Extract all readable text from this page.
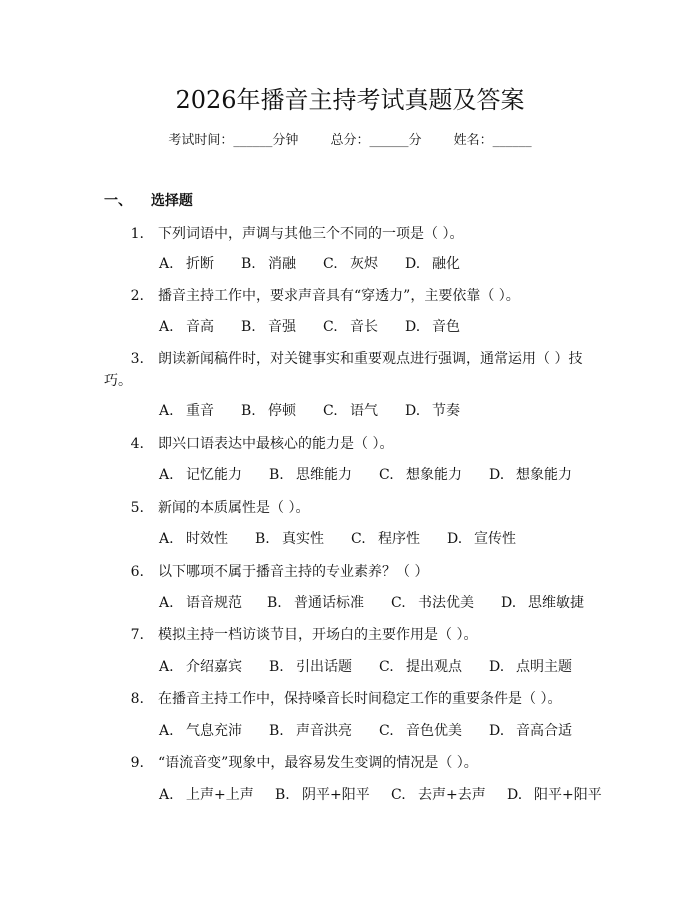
2026年播音主持考试真题及答案
考试时间：______分钟 总分：______分 姓名：______
一、 选择题
1. 下列词语中，声调与其他三个不同的一项是（ ）。
A. 折断 B. 消融 C. 灰烬 D. 融化
2. 播音主持工作中，要求声音具有“穿透力”，主要依靠（ ）。
A. 音高 B. 音强 C. 音长 D. 音色
3. 朗读新闻稿件时，对关键事实和重要观点进行强调，通常运用（ ）技
巧。
A. 重音 B. 停顿 C. 语气 D. 节奏
4. 即兴口语表达中最核心的能力是（ ）。
A. 记忆能力 B. 思维能力 C. 想象能力 D. 想象能力
5. 新闻的本质属性是（ ）。
A. 时效性 B. 真实性 C. 程序性 D. 宣传性
6. 以下哪项不属于播音主持的专业素养？（ ）
A. 语音规范 B. 普通话标准 C. 书法优美 D. 思维敏捷
7. 模拟主持一档访谈节目，开场白的主要作用是（ ）。
A. 介绍嘉宾 B. 引出话题 C. 提出观点 D. 点明主题
8. 在播音主持工作中，保持嗓音长时间稳定工作的重要条件是（ ）。
A. 气息充沛 B. 声音洪亮 C. 音色优美 D. 音高合适
9. “语流音变”现象中，最容易发生变调的情况是（ ）。
A. 上声+上声 B. 阴平+阳平 C. 去声+去声 D. 阳平+阳平
